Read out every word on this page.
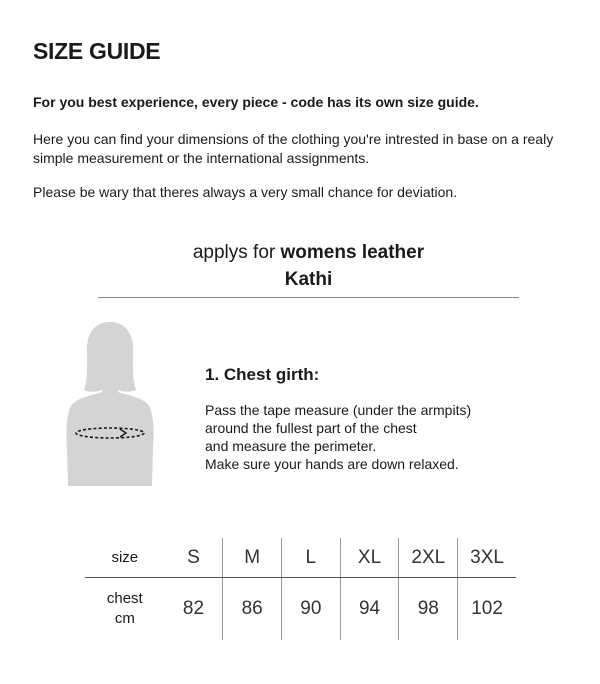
SIZE GUIDE

For you best experience, every piece - code has its own size guide.

Here you can find your dimensions of the clothing you're intrested in base on a realy simple measurement or the international assignments.

Please be wary that theres always a very small chance for deviation.

applys for womens leather
Kathi
1. Chest girth:
Pass the tape measure (under the armpits)
around the fullest part of the chest
and measure the perimeter.
Make sure your hands are down relaxed.
size	S	M	L	XL	2XL	3XL
chest
cm	82	86	90	94	98	102
